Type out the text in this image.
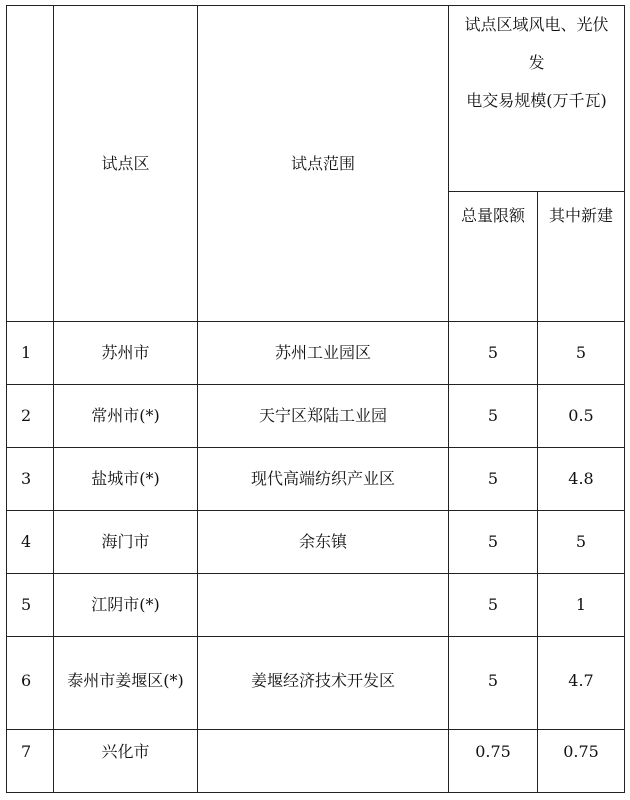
	试点区	试点范围	试点区域风电、光伏
发
电交易规模(万千瓦)	

			总量限额	其中新建
1	苏州市	苏州工业园区	5	5
2	常州市(*)	天宁区郑陆工业园	5	0.5
3	盐城市(*)	现代高端纺织产业区	5	4.8
4	海门市	余东镇	5	5
5	江阴市(*)		5	1
6	泰州市姜堰区(*)	姜堰经济技术开发区	5	4.7
7	兴化市		0.75	0.75
